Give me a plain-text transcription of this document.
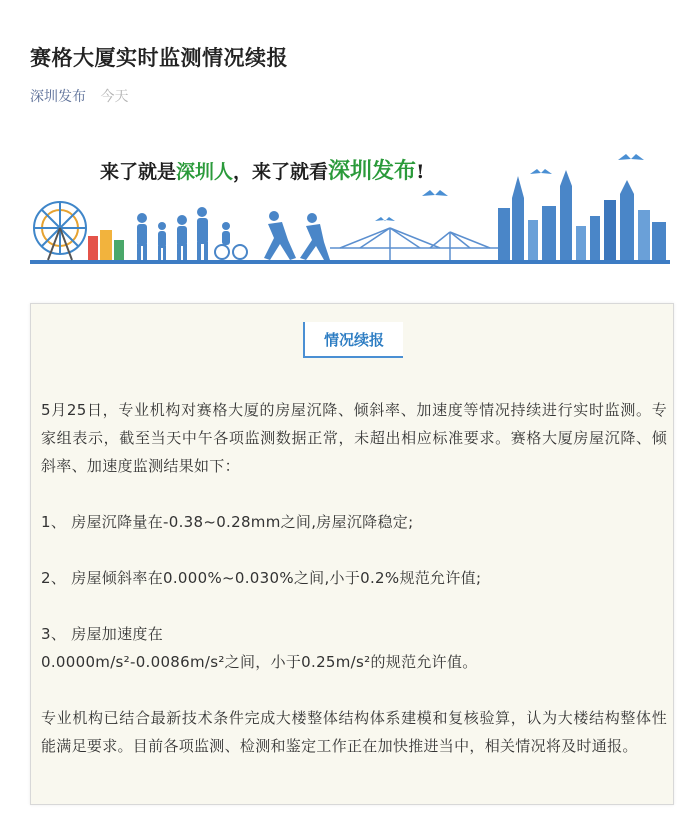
赛格大厦实时监测情况续报
深圳发布 今天
来了就是深圳人，来了就看深圳发布!
情况续报

5月25日，专业机构对赛格大厦的房屋沉降、倾斜率、加速度等情况持续进行实时监测。专家组表示，截至当天中午各项监测数据正常，未超出相应标准要求。赛格大厦房屋沉降、倾斜率、加速度监测结果如下：

1、 房屋沉降量在-0.38~0.28mm之间,房屋沉降稳定;

2、 房屋倾斜率在0.000%~0.030%之间,小于0.2%规范允许值;

3、 房屋加速度在

0.0000m/s²-0.0086m/s²之间，小于0.25m/s²的规范允许值。

专业机构已结合最新技术条件完成大楼整体结构体系建模和复核验算，认为大楼结构整体性能满足要求。目前各项监测、检测和鉴定工作正在加快推进当中，相关情况将及时通报。
